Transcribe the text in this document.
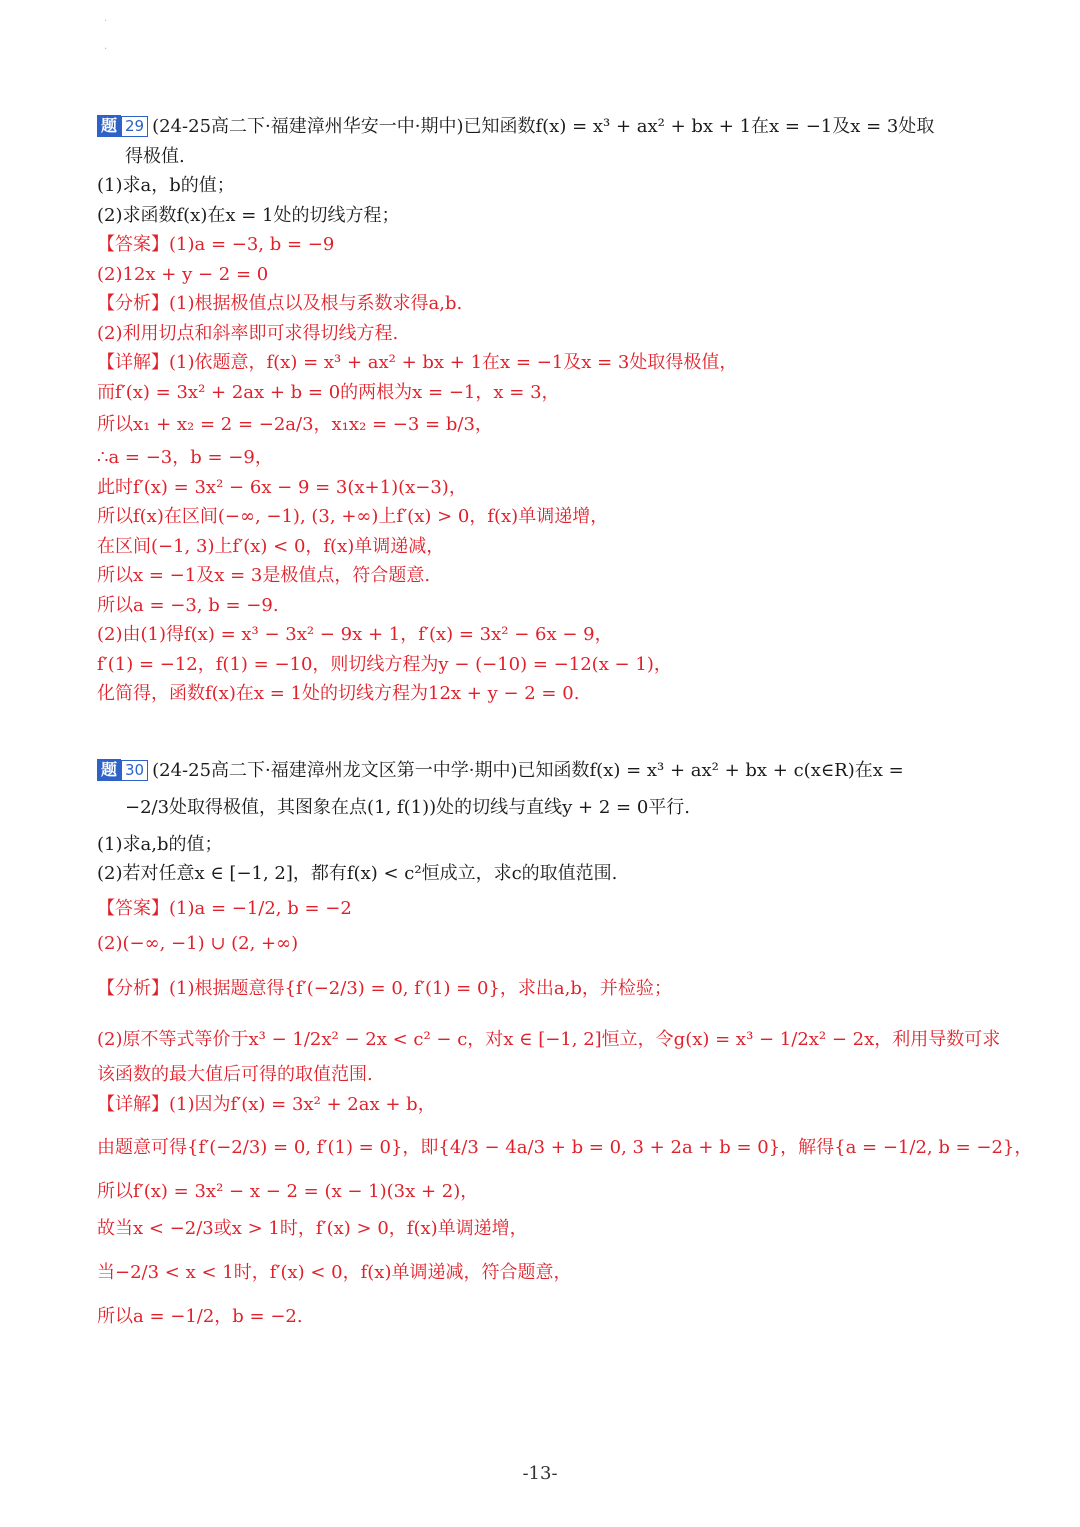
·
·
题 29 (24-25高二下·福建漳州华安一中·期中)已知函数f(x) = x³ + ax² + bx + 1在x = −1及x = 3处取
得极值.
(1)求a，b的值；
(2)求函数f(x)在x = 1处的切线方程；
【答案】(1)a = −3, b = −9
(2)12x + y − 2 = 0
【分析】(1)根据极值点以及根与系数求得a,b.
(2)利用切点和斜率即可求得切线方程.
【详解】(1)依题意，f(x) = x³ + ax² + bx + 1在x = −1及x = 3处取得极值，
而f′(x) = 3x² + 2ax + b = 0的两根为x = −1，x = 3，
所以x₁ + x₂ = 2 = −2a/3，x₁x₂ = −3 = b/3，
∴a = −3，b = −9，
此时f′(x) = 3x² − 6x − 9 = 3(x+1)(x−3)，
所以f(x)在区间(−∞, −1), (3, +∞)上f′(x) > 0，f(x)单调递增，
在区间(−1, 3)上f′(x) < 0，f(x)单调递减，
所以x = −1及x = 3是极值点，符合题意.
所以a = −3, b = −9.
(2)由(1)得f(x) = x³ − 3x² − 9x + 1，f′(x) = 3x² − 6x − 9，
f′(1) = −12，f(1) = −10，则切线方程为y − (−10) = −12(x − 1)，
化简得，函数f(x)在x = 1处的切线方程为12x + y − 2 = 0.
题 30 (24-25高二下·福建漳州龙文区第一中学·期中)已知函数f(x) = x³ + ax² + bx + c(x∈R)在x =
−2/3处取得极值，其图象在点(1, f(1))处的切线与直线y + 2 = 0平行.
(1)求a,b的值；
(2)若对任意x ∈ [−1, 2]，都有f(x) < c²恒成立，求c的取值范围.
【答案】(1)a = −1/2, b = −2
(2)(−∞, −1) ∪ (2, +∞)
【分析】(1)根据题意得{f′(−2/3) = 0, f′(1) = 0}，求出a,b，并检验；
(2)原不等式等价于x³ − 1/2x² − 2x < c² − c，对x ∈ [−1, 2]恒立，令g(x) = x³ − 1/2x² − 2x，利用导数可求
该函数的最大值后可得的取值范围.
【详解】(1)因为f′(x) = 3x² + 2ax + b，
由题意可得{f′(−2/3) = 0, f′(1) = 0}，即{4/3 − 4a/3 + b = 0, 3 + 2a + b = 0}，解得{a = −1/2, b = −2}，
所以f′(x) = 3x² − x − 2 = (x − 1)(3x + 2)，
故当x < −2/3或x > 1时，f′(x) > 0，f(x)单调递增，
当−2/3 < x < 1时，f′(x) < 0，f(x)单调递减，符合题意，
所以a = −1/2，b = −2.
-13-
